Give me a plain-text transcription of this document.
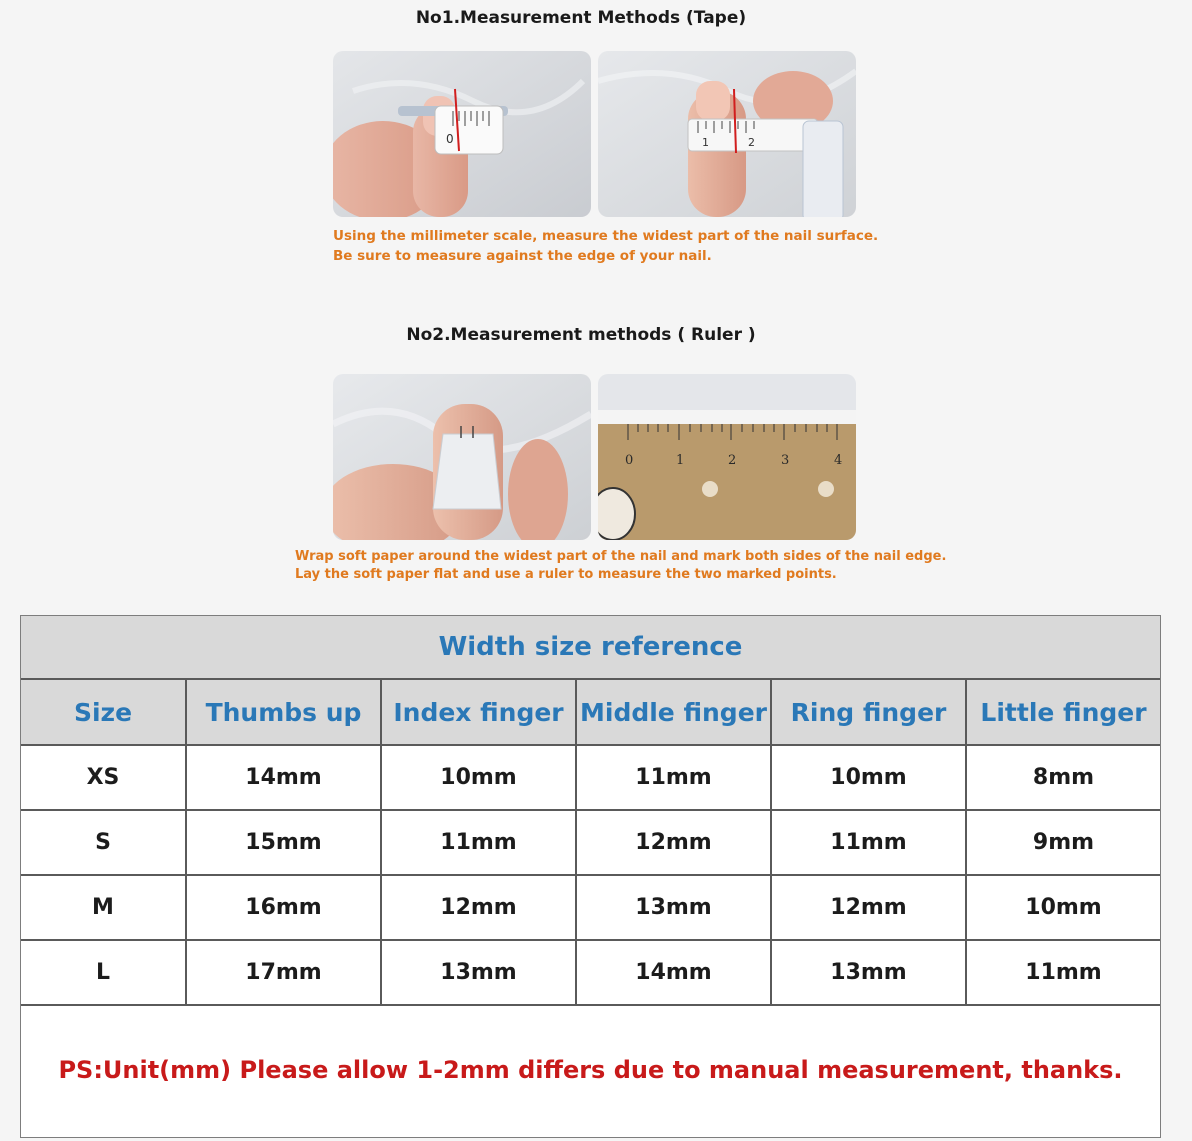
No1.Measurement Methods (Tape)
0	1	2
Using the millimeter scale, measure the widest part of the nail surface.
Be sure to measure against the edge of your nail.
No2.Measurement methods ( Ruler )
0	1	2	3	4
Wrap soft paper around the widest part of the nail and mark both sides of the nail edge.
Lay the soft paper flat and use a ruler to measure the two marked points.
Width size reference
Size	Thumbs up	Index finger	Middle finger	Ring finger	Little finger
XS	14mm	10mm	11mm	10mm	8mm
S	15mm	11mm	12mm	11mm	9mm
M	16mm	12mm	13mm	12mm	10mm
L	17mm	13mm	14mm	13mm	11mm
PS:Unit(mm) Please allow 1-2mm differs due to manual measurement, thanks.
